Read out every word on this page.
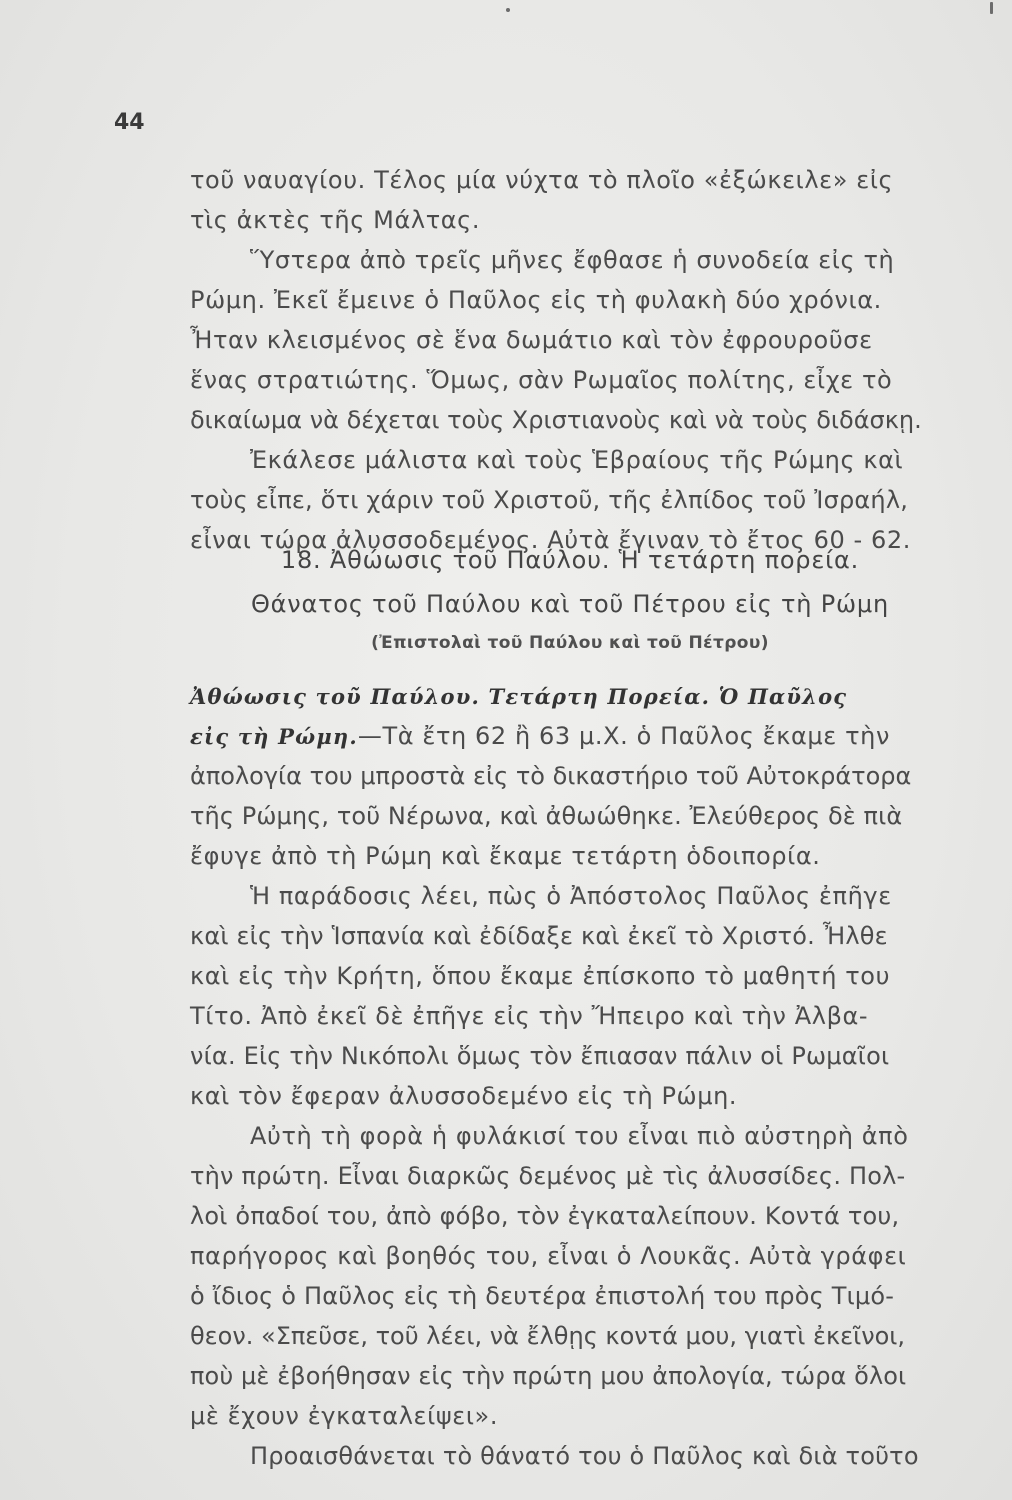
44
τοῦ ναυαγίου. Τέλος μία νύχτα τὸ πλοῖο «ἐξώκειλε» εἰς
τὶς ἀκτὲς τῆς Μάλτας.
Ὕστερα ἀπὸ τρεῖς μῆνες ἔφθασε ἡ συνοδεία εἰς τὴ
Ρώμη. Ἐκεῖ ἔμεινε ὁ Παῦλος εἰς τὴ φυλακὴ δύο χρόνια.
Ἦταν κλεισμένος σὲ ἕνα δωμάτιο καὶ τὸν ἐφρουροῦσε
ἕνας στρατιώτης. Ὅμως, σὰν Ρωμαῖος πολίτης, εἶχε τὸ
δικαίωμα νὰ δέχεται τοὺς Χριστιανοὺς καὶ νὰ τοὺς διδάσκῃ.
Ἐκάλεσε μάλιστα καὶ τοὺς Ἑβραίους τῆς Ρώμης καὶ
τοὺς εἶπε, ὅτι χάριν τοῦ Χριστοῦ, τῆς ἐλπίδος τοῦ Ἰσραήλ,
εἶναι τώρα ἀλυσσοδεμένος. Αὐτὰ ἔγιναν τὸ ἔτος 60 - 62.
18. Ἀθώωσις τοῦ Παύλου. Ἡ τετάρτη πορεία.
Θάνατος τοῦ Παύλου καὶ τοῦ Πέτρου εἰς τὴ Ρώμη
(Ἐπιστολαὶ τοῦ Παύλου καὶ τοῦ Πέτρου)
Ἀθώωσις τοῦ Παύλου. Τετάρτη Πορεία. Ὁ Παῦλος
εἰς τὴ Ρώμη.—Τὰ ἔτη 62 ἢ 63 μ.Χ. ὁ Παῦλος ἔκαμε τὴν
ἀπολογία του μπροστὰ εἰς τὸ δικαστήριο τοῦ Αὐτοκράτορα
τῆς Ρώμης, τοῦ Νέρωνα, καὶ ἀθωώθηκε. Ἐλεύθερος δὲ πιὰ
ἔφυγε ἀπὸ τὴ Ρώμη καὶ ἔκαμε τετάρτη ὁδοιπορία.
Ἡ παράδοσις λέει, πὼς ὁ Ἀπόστολος Παῦλος ἐπῆγε
καὶ εἰς τὴν Ἱσπανία καὶ ἐδίδαξε καὶ ἐκεῖ τὸ Χριστό. Ἦλθε
καὶ εἰς τὴν Κρήτη, ὅπου ἔκαμε ἐπίσκοπο τὸ μαθητή του
Τίτο. Ἀπὸ ἐκεῖ δὲ ἐπῆγε εἰς τὴν Ἤπειρο καὶ τὴν Ἀλβα-
νία. Εἰς τὴν Νικόπολι ὅμως τὸν ἔπιασαν πάλιν οἱ Ρωμαῖοι
καὶ τὸν ἔφεραν ἀλυσσοδεμένο εἰς τὴ Ρώμη.
Αὐτὴ τὴ φορὰ ἡ φυλάκισί του εἶναι πιὸ αὐστηρὴ ἀπὸ
τὴν πρώτη. Εἶναι διαρκῶς δεμένος μὲ τὶς ἀλυσσίδες. Πολ-
λοὶ ὀπαδοί του, ἀπὸ φόβο, τὸν ἐγκαταλείπουν. Κοντά του,
παρήγορος καὶ βοηθός του, εἶναι ὁ Λουκᾶς. Αὐτὰ γράφει
ὁ ἴδιος ὁ Παῦλος εἰς τὴ δευτέρα ἐπιστολή του πρὸς Τιμό-
θεον. «Σπεῦσε, τοῦ λέει, νὰ ἔλθῃς κοντά μου, γιατὶ ἐκεῖνοι,
ποὺ μὲ ἐβοήθησαν εἰς τὴν πρώτη μου ἀπολογία, τώρα ὅλοι
μὲ ἔχουν ἐγκαταλείψει».
Προαισθάνεται τὸ θάνατό του ὁ Παῦλος καὶ διὰ τοῦτο
